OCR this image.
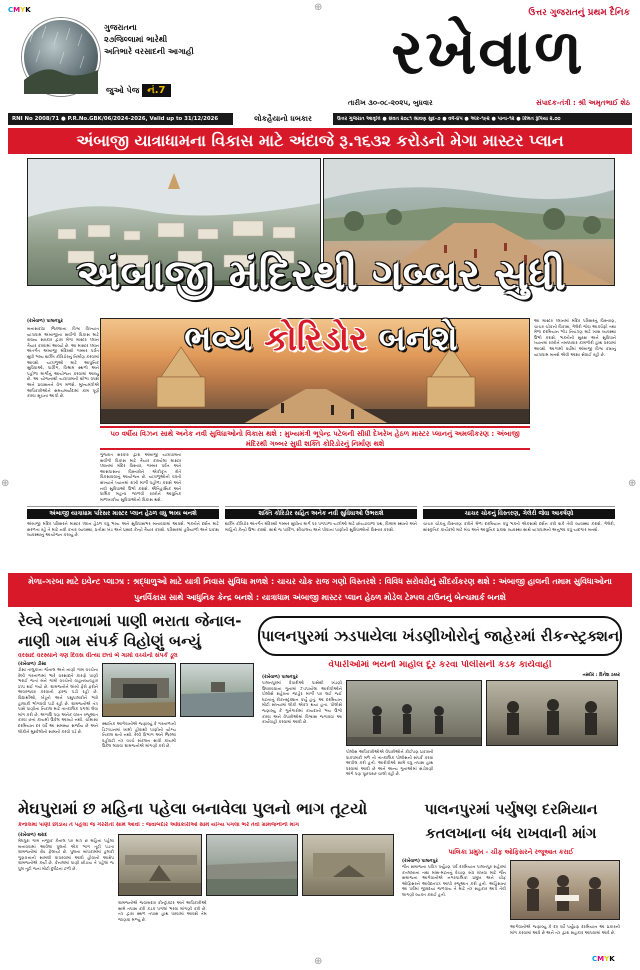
CMYK
CMYK
⊕
⊕
⊕	⊕
ગુજરાતના
૨૭જિલ્લામાં ભારેથી
અતિભારે વરસાદની આગાહી
જુઓ પેજ નં.7
ઉત્તર ગુજરાતનું પ્રથમ દૈનિક
રખેવાળ
તારીખ ૩૦-૦૮-૨૦૨૫, બુધવાર	સંપાદક-તંત્રી : શ્રી અમૃતભાઈ શેઠ
RNI No 2008/71 ● P.R.No.GBK/06/2024-2026, Valid up to 31/12/2026	લોકહૈયાનો ધબકાર	ઉત્તર ગુજરાત આવૃત્તિ ● સંવત ૨૦૮૧ શ્રાવણ સુદ-૭ ● વર્ષ-૪૫ ● અંક-૧૯૨ ● પાના-૧૨ ● કિંમત રૂપિયા ૨.૦૦
અંબાજી યાત્રાધામના વિકાસ માટે અંદાજે રૂ.૧૬૩૨ કરોડનો મેગા માસ્ટર પ્લાન
અંબાજી મંદિરથી ગબ્બર સુધી
ભવ્ય કોરિડોર બનશે
(રખેવાળ) પાલનપુર
બનાસકાંઠા જિલ્લાના વિશ્વ વિખ્યાત યાત્રાધામ અંબાજીના સર્વાંગી વિકાસ માટે રાજ્ય સરકાર દ્વારા મેગા માસ્ટર પ્લાન તૈયાર કરવામાં આવ્યો છે. આ માસ્ટર પ્લાન અંતર્ગત અંબાજી મંદિરથી ગબ્બર પર્વત સુધી ભવ્ય શક્તિ કોરિડોરનું નિર્માણ કરવામાં આવશે. યાત્રાળુઓ માટે આધુનિક સુવિધાઓ, પાર્કિંગ, વિશ્રામ સ્થળો અને પહોળા માર્ગોનું આયોજન કરવામાં આવ્યું છે. આ યોજનાથી યાત્રાધામની શોભા વધશે અને પ્રવાસનને વેગ મળશે. મુખ્યમંત્રીએ અધિકારીઓને સમયમર્યાદામાં કામ પૂર્ણ કરવા સૂચના આપી છે.
આ માસ્ટર પ્લાનમાં મંદિર પરિસરનું વિસ્તરણ, ચાચર ચોકનો વિકાસ, ગેલેરી જેવા આકર્ષણો તથા મેળા દરમિયાન ભીડ નિયંત્રણ માટે ખાસ વ્યવસ્થા ઉભી કરાશે. ભક્તોની સુરક્ષા અને સુવિધાને ધ્યાનમાં રાખીને તબક્કાવાર કામગીરી હાથ ધરવામાં આવશે. આગામી વર્ષોમાં અંબાજી વિશ્વ કક્ષાનું યાત્રાધામ બનશે એવી આશા સેવાઈ રહી છે.
૫૦ વર્ષીય વિઝન સાથે અનેક નવી સુવિધાઓનો વિકાસ થશે : મુખ્યમંત્રી ભૂપેન્દ્ર પટેલની સીધી દેખરેખ હેઠળ માસ્ટર પ્લાનનું અમલીકરણ : અંબાજી મંદિરથી ગબ્બર સુધી શક્તિ કોરિડોરનું નિર્માણ થશે
ગુજરાત સરકાર દ્વારા અંબાજી યાત્રાધામના સર્વાંગી વિકાસ માટે તૈયાર કરાયેલા માસ્ટર પ્લાનમાં મંદિર વિસ્તાર, ગબ્બર પર્વત અને આસપાસના વિસ્તારોને એકીકૃત રીતે વિકસાવવાનું આયોજન છે. યાત્રાળુઓની વધતી સંખ્યાને ધ્યાનમાં રાખી માર્ગો પહોળા કરાશે અને નવી સુવિધાઓ ઉભી કરાશે. ઐતિહાસિક અને ધાર્મિક મહત્વ જાળવી રાખીને આધુનિક માળખાકીય સુવિધાઓનો વિકાસ થશે.
અંબાજી યાત્રાધામ પરિસર માસ્ટર પ્લાન હેઠળ વધુ ભવ્ય બનશે
અંબાજી મંદિર પરિસરને માસ્ટર પ્લાન હેઠળ વધુ ભવ્ય અને સુવિધાસભર બનાવવામાં આવશે. ભક્તોને દર્શન માટે સરળતા રહે તે માટે નવી કતાર વ્યવસ્થા, પ્રતીક્ષા ખંડ અને પ્રસાદ કેન્દ્રો તૈયાર કરાશે. પરિસરમાં હરિયાળી અને પ્રકાશ વ્યવસ્થાનું આયોજન કરાયું છે.
શક્તિ કોરિડોર સહિત અનેક નવી સુવિધાઓ ઉભરાશે
શક્તિ કોરિડોર અંતર્ગત મંદિરથી ગબ્બર સુધીના માર્ગ પર પગપાળા યાત્રીઓ માટે છાંયડાવાળા પથ, વિશ્રામ સ્થાનો અને માહિતી કેન્દ્રો ઉભા કરાશે. સાથે જ પાર્કિંગ, શૌચાલય અને પીવાના પાણીની સુવિધાઓનો વિસ્તાર કરાશે.
ચાચર ચોકનું વિસ્તરણ, ગેલેરી જેવા આકર્ષણો
ચાચર ચોકનું વિસ્તરણ કરીને મેળા દરમિયાન વધુ ભક્તો એકસાથે દર્શન કરી શકે તેવી વ્યવસ્થા કરાશે. ગેલેરી, સાંસ્કૃતિક કાર્યક્રમો માટે મંચ અને આધુનિક પ્રકાશ વ્યવસ્થા સાથે યાત્રાધામનો અનુભવ વધુ યાદગાર બનશે.
મેળા-ગરબા માટે ઇવેન્ટ પ્લાઝા : શ્રદ્ધાળુઓ માટે યાત્રી નિવાસ સુવિધા મળશે : ચાચર ચોક રાજ ગણો વિસ્તરશે : વિવિધ સરોવરોનું સૌંદર્યકરણ થશે : અંબાજી હાલની તમામ સુવિધાઓના પુનર્વિકાસ સાથે આધુનિક કેન્દ્ર બનશે : યાત્રાધામ અંબાજી માસ્ટર પ્લાન હેઠળ મોડેલ ટેમ્પલ ટાઉનનું બેન્ચમાર્ક બનશે
રેલ્વે ગરનાળામાં પાણી ભરાતા જેનાલ-
નાણી ગામ સંપર્ક વિહોણું બન્યું
વરસાદ વરસ્યાને ત્રણ દિવસ વીત્યા છતાં બે ગામો વચ્ચેનો સંપર્ક ડૂલ
(રખેવાળ) ડીસા
ડીસા તાલુકાના જેનાલ અને નાણી ગામ વચ્ચેના રેલ્વે ગરનાળામાં ભારે વરસાદને કારણે પાણી ભરાઈ જતાં બંને ગામો વચ્ચેનો વાહનવ્યવહાર ઠપ્પ થઈ ગયો છે. ગ્રામજનોને લાંબો ફેરો ફરીને અવરજવર કરવાની ફરજ પડી રહી છે. વિદ્યાર્થીઓ, ખેડૂતો અને પશુપાલકોને ભારે હાલાકી ભોગવવી પડી રહી છે. ગ્રામજનોએ તંત્ર પાસે પાણીના નિકાલ માટે તાત્કાલિક પગલાં લેવા માંગ કરી છે. અગાઉ પણ અનેક વખત રજૂઆત કરવા છતાં કાયમી ઉકેલ આવ્યો નથી. ચોમાસા દરમિયાન દર વર્ષે આ સમસ્યા સર્જાય છે અને લોકોને મુશ્કેલીનો સામનો કરવો પડે છે.
સ્થાનિક આગેવાનોએ જણાવ્યું કે ગરનાળાની ડિઝાઇનમાં ખામી હોવાથી પાણીનો યોગ્ય નિકાલ થતો નથી. રેલ્વે વિભાગ અને જિલ્લા વહીવટી તંત્ર વચ્ચે સંકલન સાધી કાયમી ઉકેલ લાવવા ગ્રામજનોએ માંગણી કરી છે.
પાલનપુરમાં ઝડપાયેલા ખંડણીખોરોનું જાહેરમાં રીકન્સ્ટ્રક્શન
વેપારીઓમાં ભયનો માહોલ દૂર કરવા પોલીસની કડક કાર્યવાહી
(રખેવાળ) પાલનપુર
પાલનપુરમાં વેપારીઓ પાસેથી ખંડણી ઉઘરાવવાના ગુનામાં ઝડપાયેલા આરોપીઓને પોલીસે શહેરના જાહેર માર્ગો પર લઈ જઈ ઘટનાનું રીકન્સ્ટ્રક્શન કર્યું હતું. આ દરમિયાન મોટી સંખ્યામાં લોકો એકત્ર થયા હતા. પોલીસે જણાવ્યું કે ગુનેગારોમાં કાયદાનો ભય ઉભો કરવા અને વેપારીઓમાં વિશ્વાસ જગાવવા આ કાર્યવાહી કરવામાં આવી છે.
તસ્વીર : દિનેશ ઠક્કર
પોલીસ અધિકારીઓએ વેપારીઓને કોઈપણ પ્રકારની ધાકધમકી મળે તો તાત્કાલિક પોલીસનો સંપર્ક કરવા અપીલ કરી હતી. આરોપીઓ સામે વધુ તપાસ હાથ ધરવામાં આવી છે અને અન્ય ગુનાઓમાં સંડોવણી અંગે પણ પૂછપરછ ચાલી રહી છે.
મેઘપુરામાં છ મહિના પહેલા બનાવેલા પુલનો ભાગ તૂટયો
કેનાલમાં પાણી છોડાય તે પહેલાં જ ગેરરીતી સામે આવી : જવાબદાર અધિકારીઓ સામે યોગ્ય પગલાં ભરે તેવી ગ્રામજનોની માંગ
(રખેવાળ) થરાદ
મેઘપુરા ગામ નજીક કેનાલ પર માત્ર છ મહિના પહેલા બનાવવામાં આવેલા પુલનો એક ભાગ તૂટી પડતા ગ્રામજનોમાં રોષ ફેલાયો છે. પુલના બાંધકામમાં હલકી ગુણવત્તાની સામગ્રી વાપરવામાં આવી હોવાનો આક્ષેપ ગ્રામજનોએ કર્યો છે. કેનાલમાં પાણી છોડાય તે પહેલાં જ પુલ તૂટી જતાં મોટી દુર્ઘટના ટળી છે.
ગ્રામજનોએ જવાબદાર કોન્ટ્રાક્ટર અને અધિકારીઓ સામે તપાસ કરી કડક પગલાં ભરવા માંગણી કરી છે. તંત્ર દ્વારા સ્થળ તપાસ હાથ ધરવામાં આવશે તેમ જાણવા મળ્યું છે.
પાલનપુરમાં પર્યુષણ દરમિયાન
કતલખાના બંધ રાખવાની માંગ
પાલિકા પ્રમુખ - ચીફ ઓફિસરને રજૂઆત કરાઈ
(રખેવાળ) પાલનપુર
જૈન સમાજના પવિત્ર પર્યુષણ પર્વ દરમિયાન પાલનપુર શહેરમાં કતલખાના તથા માંસ-મટનનું વેચાણ બંધ રાખવા માટે જૈન સમાજના આગેવાનોએ નગરપાલિકા પ્રમુખ અને ચીફ ઓફિસરને આવેદનપત્ર આપી રજૂઆત કરી હતી. અહિંસાના આ પર્વમાં જીવદયા જળવાય તે માટે તંત્ર સહકાર આપે તેવી લાગણી વ્યક્ત કરાઈ હતી.
આગેવાનોએ જણાવ્યું કે દર વર્ષે પર્યુષણ દરમિયાન આ પ્રકારની માંગ કરવામાં આવે છે અને તંત્ર દ્વારા સહકાર આપવામાં આવે છે.
